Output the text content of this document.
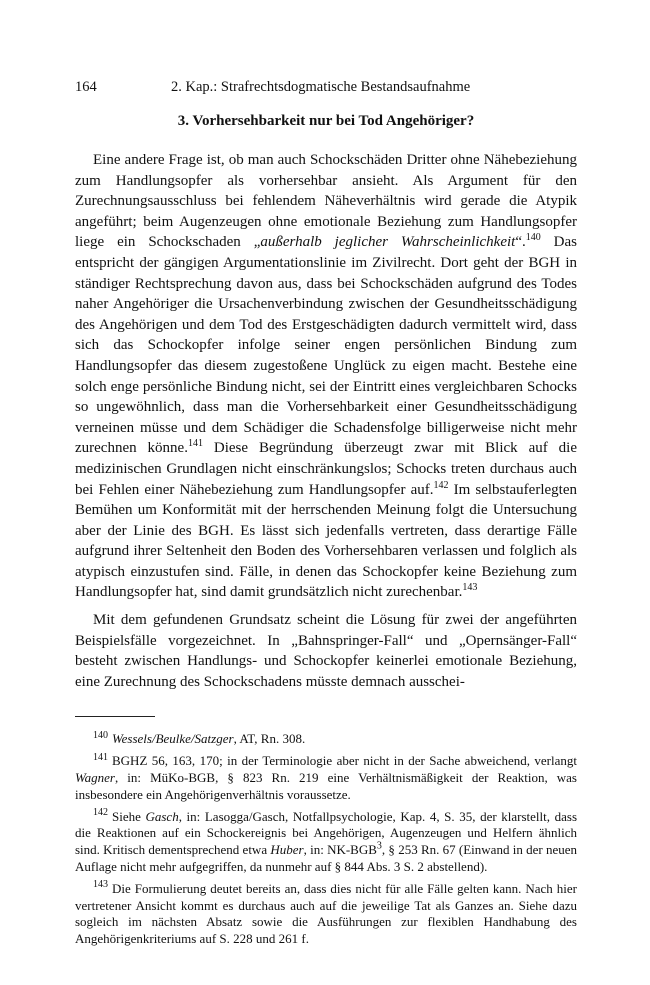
164	2. Kap.: Strafrechtsdogmatische Bestandsaufnahme
3. Vorhersehbarkeit nur bei Tod Angehöriger?

Eine andere Frage ist, ob man auch Schockschäden Dritter ohne Nähebeziehung zum Handlungsopfer als vorhersehbar ansieht. Als Argument für den Zurechnungsausschluss bei fehlendem Näheverhältnis wird gerade die Atypik angeführt; beim Augenzeugen ohne emotionale Beziehung zum Handlungsopfer liege ein Schockschaden „außerhalb jeglicher Wahrscheinlichkeit“.$^{140}$ Das entspricht der gängigen Argumentationslinie im Zivilrecht. Dort geht der BGH in ständiger Rechtsprechung davon aus, dass bei Schockschäden aufgrund des Todes naher Angehöriger die Ursachenverbindung zwischen der Gesundheitsschädigung des Angehörigen und dem Tod des Erstgeschädigten dadurch vermittelt wird, dass sich das Schockopfer infolge seiner engen persönlichen Bindung zum Handlungsopfer das diesem zugestoßene Unglück zu eigen macht. Bestehe eine solch enge persönliche Bindung nicht, sei der Eintritt eines vergleichbaren Schocks so ungewöhnlich, dass man die Vorhersehbarkeit einer Gesundheitsschädigung verneinen müsse und dem Schädiger die Schadensfolge billigerweise nicht mehr zurechnen könne.$^{141}$ Diese Begründung überzeugt zwar mit Blick auf die medizinischen Grundlagen nicht einschränkungslos; Schocks treten durchaus auch bei Fehlen einer Nähebeziehung zum Handlungsopfer auf.$^{142}$ Im selbstauferlegten Bemühen um Konformität mit der herrschenden Meinung folgt die Untersuchung aber der Linie des BGH. Es lässt sich jedenfalls vertreten, dass derartige Fälle aufgrund ihrer Seltenheit den Boden des Vorhersehbaren verlassen und folglich als atypisch einzustufen sind. Fälle, in denen das Schockopfer keine Beziehung zum Handlungsopfer hat, sind damit grundsätzlich nicht zurechenbar.$^{143}$

Mit dem gefundenen Grundsatz scheint die Lösung für zwei der angeführten Beispielsfälle vorgezeichnet. In „Bahnspringer-Fall“ und „Opernsänger-Fall“ besteht zwischen Handlungs- und Schockopfer keinerlei emotionale Beziehung, eine Zurechnung des Schockschadens müsste demnach ausschei-

$^{140}$ Wessels/Beulke/Satzger, AT, Rn. 308.

$^{141}$ BGHZ 56, 163, 170; in der Terminologie aber nicht in der Sache abweichend, verlangt Wagner, in: MüKo-BGB, § 823 Rn. 219 eine Verhältnismäßigkeit der Reaktion, was insbesondere ein Angehörigenverhältnis voraussetze.

$^{142}$ Siehe Gasch, in: Lasogga/Gasch, Notfallpsychologie, Kap. 4, S. 35, der klarstellt, dass die Reaktionen auf ein Schockereignis bei Angehörigen, Augenzeugen und Helfern ähnlich sind. Kritisch dementsprechend etwa Huber, in: NK-BGB$^3$, § 253 Rn. 67 (Einwand in der neuen Auflage nicht mehr aufgegriffen, da nunmehr auf § 844 Abs. 3 S. 2 abstellend).

$^{143}$ Die Formulierung deutet bereits an, dass dies nicht für alle Fälle gelten kann. Nach hier vertretener Ansicht kommt es durchaus auch auf die jeweilige Tat als Ganzes an. Siehe dazu sogleich im nächsten Absatz sowie die Ausführungen zur flexiblen Handhabung des Angehörigenkriteriums auf S. 228 und 261 f.
